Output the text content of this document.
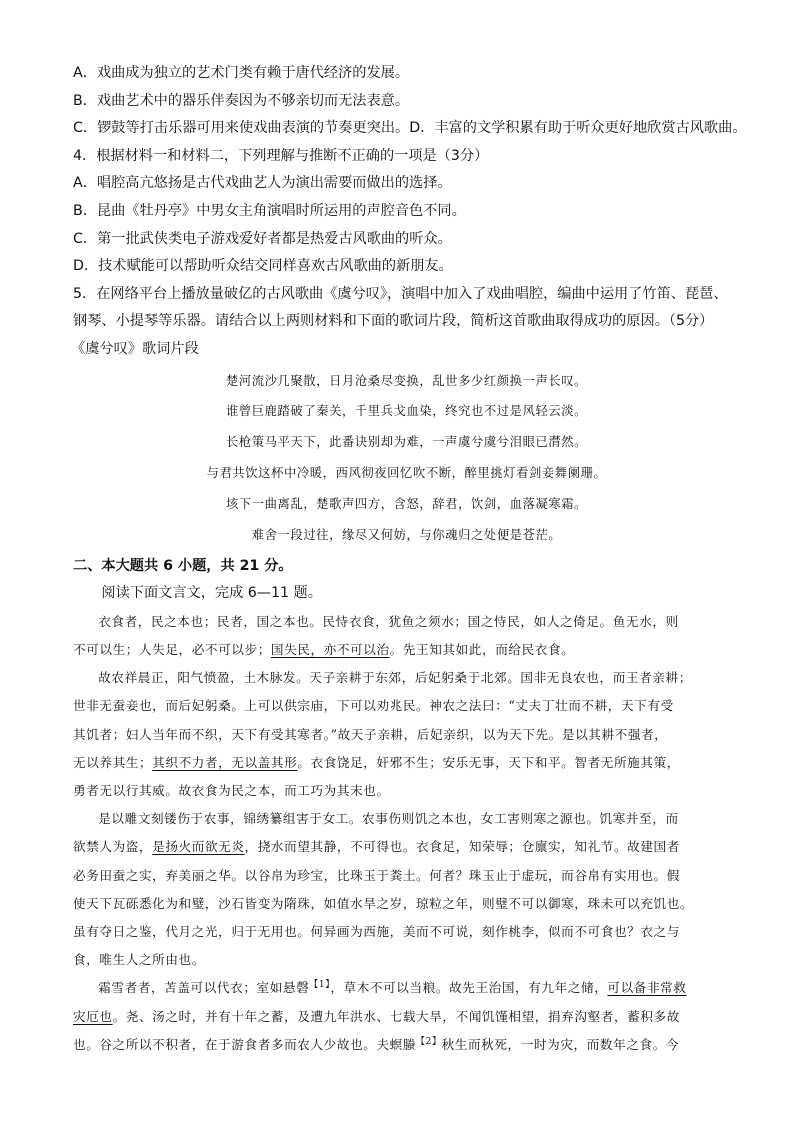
A．戏曲成为独立的艺术门类有赖于唐代经济的发展。
B．戏曲艺术中的器乐伴奏因为不够亲切而无法表意。
C．锣鼓等打击乐器可用来使戏曲表演的节奏更突出。D．丰富的文学积累有助于听众更好地欣赏古风歌曲。
4．根据材料一和材料二，下列理解与推断不正确的一项是（3分）
A．唱腔高亢悠扬是古代戏曲艺人为演出需要而做出的选择。
B．昆曲《牡丹亭》中男女主角演唱时所运用的声腔音色不同。
C．第一批武侠类电子游戏爱好者都是热爱古风歌曲的听众。
D．技术赋能可以帮助听众结交同样喜欢古风歌曲的新朋友。
5．在网络平台上播放量破亿的古风歌曲《虞兮叹》，演唱中加入了戏曲唱腔，编曲中运用了竹笛、琵琶、
钢琴、小提琴等乐器。请结合以上两则材料和下面的歌词片段，简析这首歌曲取得成功的原因。（5分）
《虞兮叹》歌词片段
楚河流沙几聚散，日月沧桑尽变换，乱世多少红颜换一声长叹。
谁曾巨鹿踏破了秦关，千里兵戈血染，终究也不过是风轻云淡。
长枪策马平天下，此番诀别却为难，一声虞兮虞兮泪眼已潸然。
与君共饮这杯中冷暖，西风彻夜回忆吹不断，醉里挑灯看剑妾舞阑珊。
垓下一曲离乱，楚歌声四方，含怒，辞君，饮剑，血落凝寒霜。
难舍一段过往，缘尽又何妨，与你魂归之处便是苍茫。
二、本大题共 6 小题，共 21 分。
阅读下面文言文，完成 6—11 题。
衣食者，民之本也；民者，国之本也。民恃衣食，犹鱼之须水；国之恃民，如人之倚足。鱼无水，则
不可以生；人失足，必不可以步；国失民，亦不可以治。先王知其如此，而给民衣食。
故农祥晨正，阳气愤盈，土木脉发。天子亲耕于东郊，后妃躬桑于北郊。国非无良农也，而王者亲耕；
世非无蚕妾也，而后妃躬桑。上可以供宗庙，下可以劝兆民。神农之法曰：“丈夫丁壮而不耕，天下有受
其饥者；妇人当年而不织，天下有受其寒者。”故天子亲耕，后妃亲织，以为天下先。是以其耕不强者，
无以养其生；其织不力者，无以盖其形。衣食饶足，奸邪不生；安乐无事，天下和平。智者无所施其策，
勇者无以行其威。故衣食为民之本，而工巧为其末也。
是以雕文刻镂伤于农事，锦绣纂组害于女工。农事伤则饥之本也，女工害则寒之源也。饥寒并至，而
欲禁人为盗，是扬火而欲无炎，挠水而望其静，不可得也。衣食足，知荣辱；仓廪实，知礼节。故建国者
必务田蚕之实，弃美丽之华。以谷帛为珍宝，比珠玉于粪土。何者？珠玉止于虚玩，而谷帛有实用也。假
使天下瓦砾悉化为和璧，沙石皆变为隋珠，如值水旱之岁，琼粒之年，则璧不可以御寒，珠未可以充饥也。
虽有夺日之鉴，代月之光，归于无用也。何异画为西施，美而不可说，刻作桃李，似而不可食也？衣之与
食，唯生人之所由也。
霜雪者者，苫盖可以代衣；室如悬磬$^{【1】}$，草木不可以当粮。故先王治国，有九年之储，可以备非常救
灾厄也。尧、汤之时，并有十年之蓄，及遭九年洪水、七载大旱，不闻饥馑相望，捐弃沟壑者，蓄积多故
也。谷之所以不积者，在于游食者多而农人少故也。夫螟螣$^{【2】}$秋生而秋死，一时为灾，而数年之食。今
